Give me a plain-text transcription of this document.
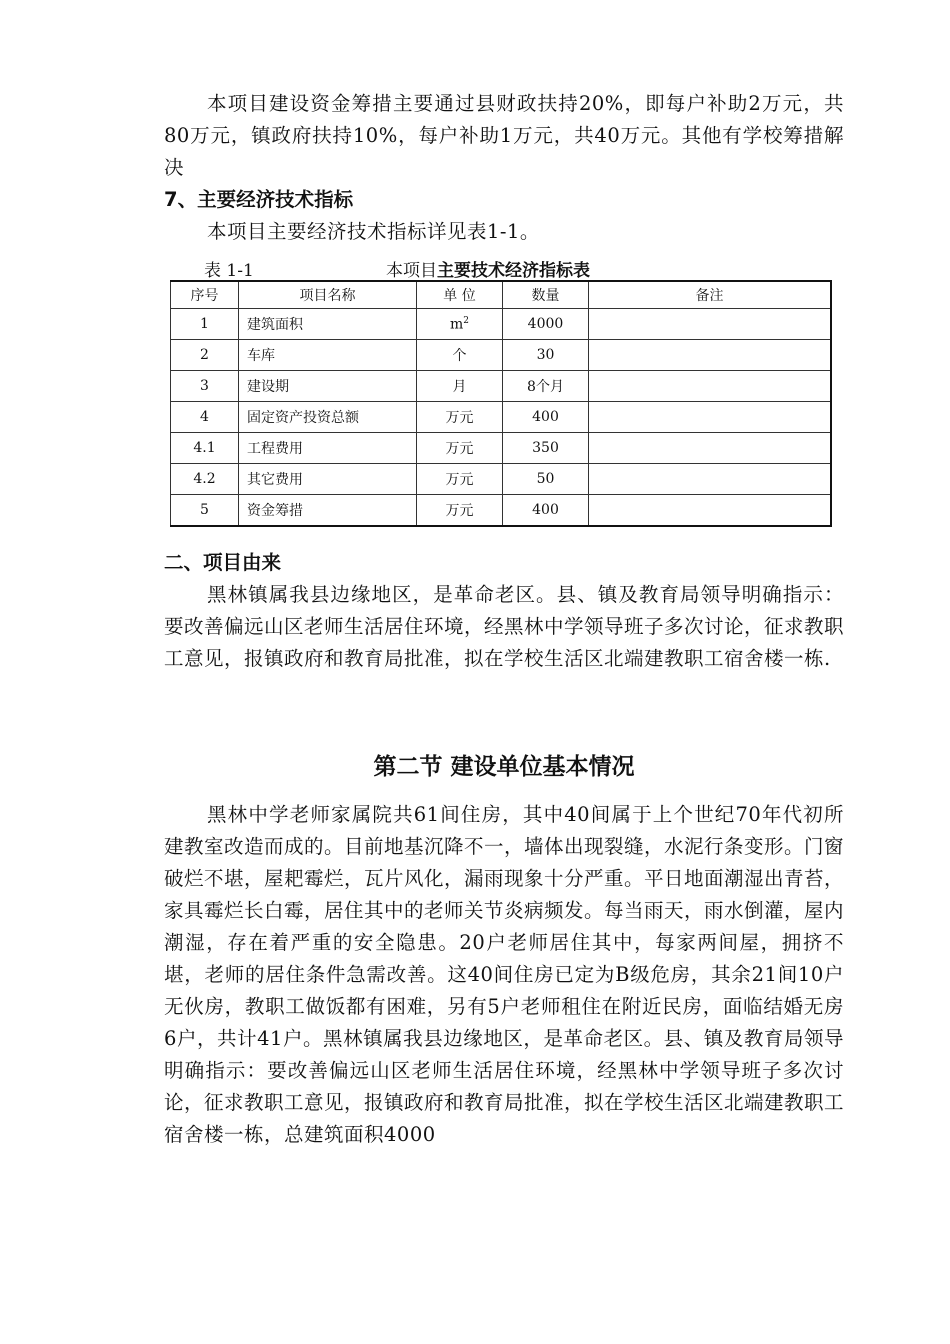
本项目建设资金筹措主要通过县财政扶持20%，即每户补助2万元，共80万元，镇政府扶持10%，每户补助1万元，共40万元。其他有学校筹措解决

7、主要经济技术指标

本项目主要经济技术指标详见表1-1。

表 1-1	本项目主要技术经济指标表
序号	项目名称	单 位	数量	备注
1	建筑面积	$m^2$	4000	
2	车库	个	30	
3	建设期	月	8个月	
4	固定资产投资总额	万元	400	
4.1	工程费用	万元	350	
4.2	其它费用	万元	50	
5	资金筹措	万元	400	
二、项目由来

黑林镇属我县边缘地区，是革命老区。县、镇及教育局领导明确指示：要改善偏远山区老师生活居住环境，经黑林中学领导班子多次讨论，征求教职工意见，报镇政府和教育局批准，拟在学校生活区北端建教职工宿舍楼一栋.

第二节 建设单位基本情况

黑林中学老师家属院共61间住房，其中40间属于上个世纪70年代初所建教室改造而成的。目前地基沉降不一，墙体出现裂缝，水泥行条变形。门窗破烂不堪，屋耙霉烂，瓦片风化，漏雨现象十分严重。平日地面潮湿出青苔，家具霉烂长白霉，居住其中的老师关节炎病频发。每当雨天，雨水倒灌，屋内潮湿，存在着严重的安全隐患。20户老师居住其中，每家两间屋，拥挤不堪，老师的居住条件急需改善。这40间住房已定为B级危房，其余21间10户无伙房，教职工做饭都有困难，另有5户老师租住在附近民房，面临结婚无房6户，共计41户。黑林镇属我县边缘地区，是革命老区。县、镇及教育局领导明确指示：要改善偏远山区老师生活居住环境，经黑林中学领导班子多次讨论，征求教职工意见，报镇政府和教育局批准，拟在学校生活区北端建教职工宿舍楼一栋，总建筑面积4000
